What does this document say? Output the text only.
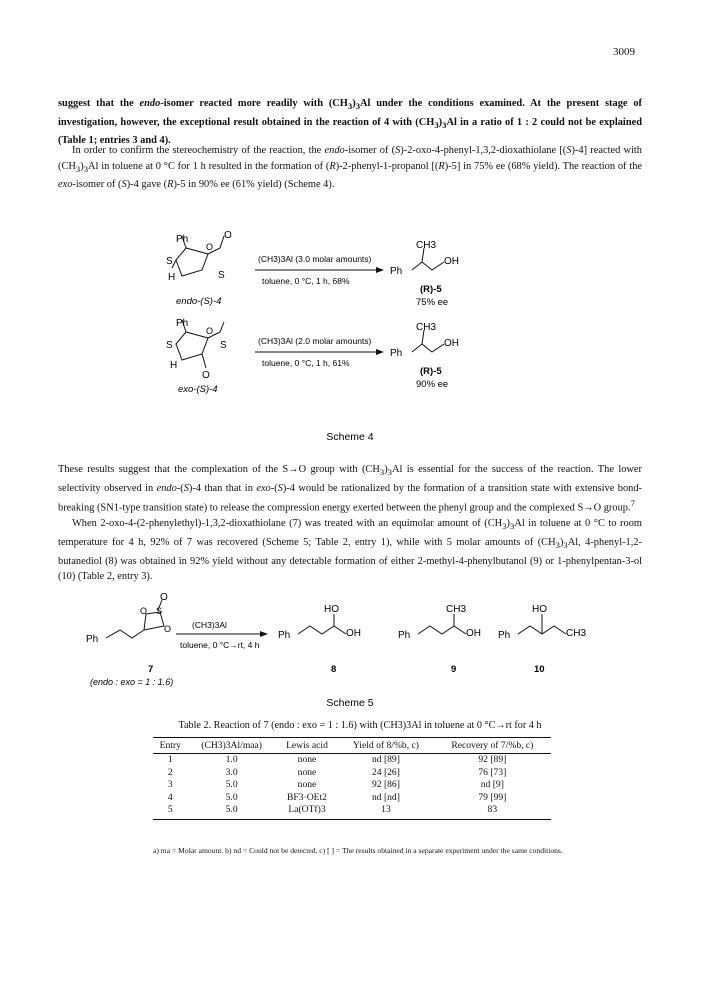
3009

suggest that the endo-isomer reacted more readily with $(CH_3)_3Al$ under the conditions examined. At the present stage of investigation, however, the exceptional result obtained in the reaction of 4 with $(CH_3)_3Al$ in a ratio of 1 : 2 could not be explained (Table 1; entries 3 and 4).

In order to confirm the stereochemistry of the reaction, the endo-isomer of (S)-2-oxo-4-phenyl-1,3,2-dioxathiolane [(S)-4] reacted with $(CH_3)_3Al$ in toluene at 0 °C for 1 h resulted in the formation of (R)-2-phenyl-1-propanol [(R)-5] in 75% ee (68% yield). The reaction of the exo-isomer of (S)-4 gave (R)-5 in 90% ee (61% yield) (Scheme 4).

Ph
S
O
O
S
H
endo-(S)-4
(CH3)3Al (3.0 molar amounts)
toluene, 0 °C, 1 h, 68%
Ph
CH3
OH
(R)-5
75% ee
Ph
S
O
S
H
O
exo-(S)-4
(CH3)3Al (2.0 molar amounts)
toluene, 0 °C, 1 h, 61%
Ph
CH3
OH
(R)-5
90% ee
Scheme 4

These results suggest that the complexation of the S→O group with $(CH_3)_3Al$ is essential for the success of the reaction. The lower selectivity observed in endo-(S)-4 than that in exo-(S)-4 would be rationalized by the formation of a transition state with extensive bond-breaking (SN1-type transition state) to release the compression energy exerted between the phenyl group and the complexed S→O group.$^7$

When 2-oxo-4-(2-phenylethyl)-1,3,2-dioxathiolane (7) was treated with an equimolar amount of $(CH_3)_3Al$ in toluene at 0 °C to room temperature for 4 h, 92% of 7 was recovered (Scheme 5; Table 2, entry 1), while with 5 molar amounts of $(CH_3)_3Al$, 4-phenyl-1,2-butanediol (8) was obtained in 92% yield without any detectable formation of either 2-methyl-4-phenylbutanol (9) or 1-phenylpentan-3-ol (10) (Table 2, entry 3).

Ph
O S
O
O
7
(endo : exo = 1 : 1.6)
(CH3)3Al
toluene, 0 °C→rt, 4 h
Ph
HO
OH
8
Ph
CH3
OH
9
Ph
HO
CH3
10
Scheme 5
Table 2. Reaction of 7 (endo : exo = 1 : 1.6) with (CH3)3Al in toluene at 0 °C→rt for 4 h
Entry	(CH3)3Al/maa)	Lewis acid	Yield of 8/%b, c)	Recovery of 7/%b, c)
1	1.0	none	nd [89]	92 [89]
2	3.0	none	24 [26]	76 [73]
3	5.0	none	92 [86]	nd [9]
4	5.0	BF3·OEt2	nd [nd]	79 [99]
5	5.0	La(OTf)3	13	83
a) ma = Molar amount. b) nd = Could not be detected. c) [ ] = The results obtained in a separate experiment under the same conditions.
